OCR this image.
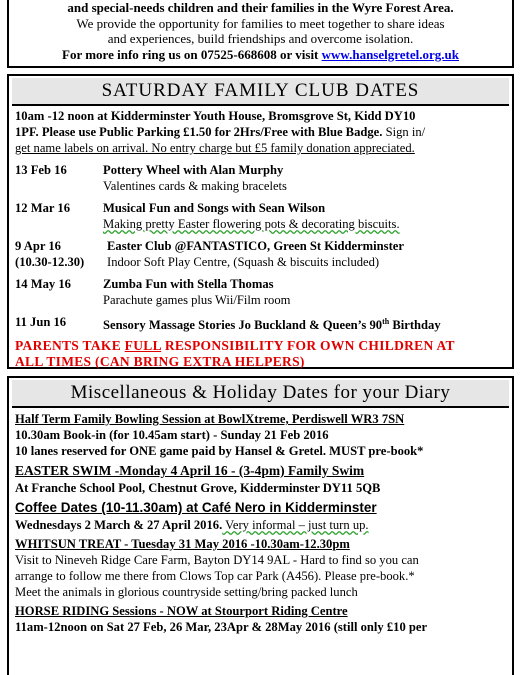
and special-needs children and their families in the Wyre Forest Area.
We provide the opportunity for families to meet together to share ideas
and experiences, build friendships and overcome isolation.
For more info ring us on 07525-668608 or visit www.hanselgretel.org.uk
SATURDAY FAMILY CLUB DATES
10am -12 noon at Kidderminster Youth House, Bromsgrove St, Kidd DY10
1PF. Please use Public Parking £1.50 for 2Hrs/Free with Blue Badge. Sign in/
get name labels on arrival. No entry charge but £5 family donation appreciated.
13 Feb 16	Pottery Wheel with Alan Murphy
Valentines cards & making bracelets
12 Mar 16	Musical Fun and Songs with Sean Wilson
Making pretty Easter flowering pots & decorating biscuits.
9 Apr 16	Easter Club @FANTASTICO, Green St Kidderminster
(10.30-12.30) Indoor Soft Play Centre, (Squash & biscuits included)
14 May 16	Zumba Fun with Stella Thomas
Parachute games plus Wii/Film room
11 Jun 16	Sensory Massage Stories Jo Buckland & Queen’s 90th Birthday
PARENTS TAKE FULL RESPONSIBILITY FOR OWN CHILDREN AT
ALL TIMES (CAN BRING EXTRA HELPERS)
Miscellaneous & Holiday Dates for your Diary
Half Term Family Bowling Session at BowlXtreme, Perdiswell WR3 7SN
10.30am Book-in (for 10.45am start) - Sunday 21 Feb 2016
10 lanes reserved for ONE game paid by Hansel & Gretel. MUST pre-book*
EASTER SWIM -Monday 4 April 16 - (3-4pm) Family Swim
At Franche School Pool, Chestnut Grove, Kidderminster DY11 5QB
Coffee Dates (10-11.30am) at Café Nero in Kidderminster
Wednesdays 2 March & 27 April 2016. Very informal – just turn up.
WHITSUN TREAT - Tuesday 31 May 2016 -10.30am-12.30pm
Visit to Nineveh Ridge Care Farm, Bayton DY14 9AL - Hard to find so you can
arrange to follow me there from Clows Top car Park (A456). Please pre-book.*
Meet the animals in glorious countryside setting/bring packed lunch
HORSE RIDING Sessions - NOW at Stourport Riding Centre
11am-12noon on Sat 27 Feb, 26 Mar, 23Apr & 28May 2016 (still only £10 per
